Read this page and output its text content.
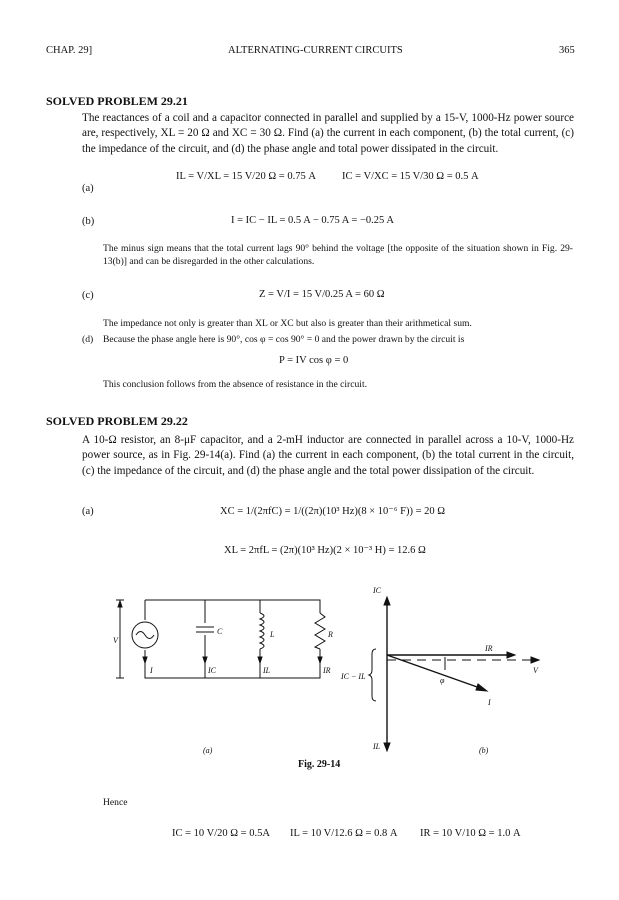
CHAP. 29]	ALTERNATING-CURRENT CIRCUITS	365
SOLVED PROBLEM 29.21
The reactances of a coil and a capacitor connected in parallel and supplied by a 15-V, 1000-Hz power source are, respectively, XL = 20 Ω and XC = 30 Ω. Find (a) the current in each component, (b) the total current, (c) the impedance of the circuit, and (d) the phase angle and total power dissipated in the circuit.
(a)
IL = V/XL = 15 V/20 Ω = 0.75 A IC = V/XC = 15 V/30 Ω = 0.5 A
(b)	I = IC − IL = 0.5 A − 0.75 A = −0.25 A
The minus sign means that the total current lags 90° behind the voltage [the opposite of the situation shown in Fig. 29-13(b)] and can be disregarded in the other calculations.
(c)	Z = V/I = 15 V/0.25 A = 60 Ω
The impedance not only is greater than XL or XC but also is greater than their arithmetical sum.
(d) Because the phase angle here is 90°, cos φ = cos 90° = 0 and the power drawn by the circuit is
P = IV cos φ = 0
This conclusion follows from the absence of resistance in the circuit.
SOLVED PROBLEM 29.22
A 10-Ω resistor, an 8-μF capacitor, and a 2-mH inductor are connected in parallel across a 10-V, 1000-Hz power source, as in Fig. 29-14(a). Find (a) the current in each component, (b) the total current in the circuit, (c) the impedance of the circuit, and (d) the phase angle and the total power dissipation of the circuit.
(a)	XC = 1/(2πfC) = 1/((2π)(10³ Hz)(8 × 10⁻⁶ F)) = 20 Ω
XL = 2πfL = (2π)(10³ Hz)(2 × 10⁻³ H) = 12.6 Ω
V
C	L	R
I	IC	IL	IR
(a)
IC
IL
IR
V
I
φ
IC − IL
(b)
Fig. 29-14
Hence
IC = 10 V/20 Ω = 0.5A IL = 10 V/12.6 Ω = 0.8 A IR = 10 V/10 Ω = 1.0 A
